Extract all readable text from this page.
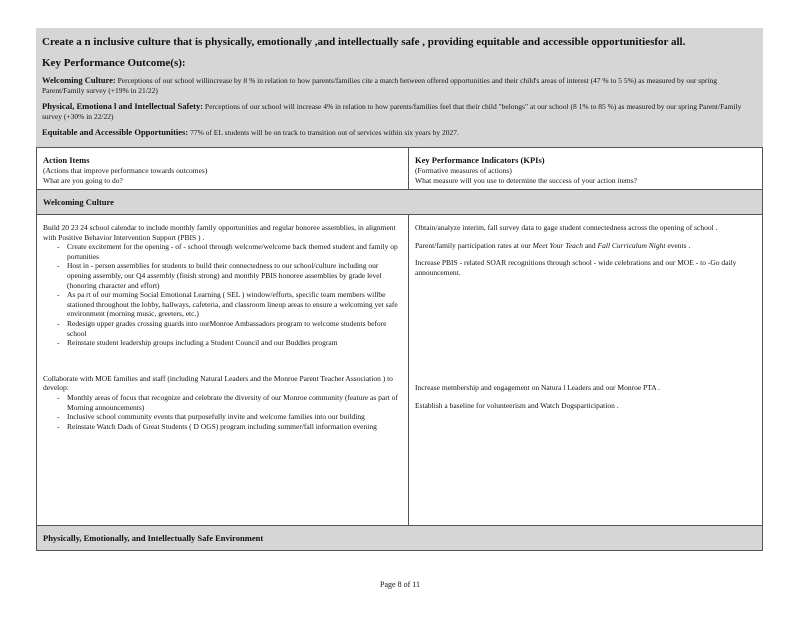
Create a n inclusive culture that is physically, emotionally ,and intellectually safe , providing equitable and accessible opportunitiesfor all.
Key Performance Outcome(s):
Welcoming Culture: Perceptions of our school willincrease by 8 % in relation to how parents/families cite a match between offered opportunities and their child's areas of interest (47 % to 5 5%) as measured by our spring Parent/Family survey (+19% in 21/22)
Physical, Emotiona l and Intellectual Safety: Perceptions of our school will increase 4% in relation to how parents/families feel that their child "belongs" at our school (8 1% to 85 %) as measured by our spring Parent/Family survey (+30% in 22/22)
Equitable and Accessible Opportunities: 77% of EL students will be on track to transition out of services within six years by 2027.
Action Items
(Actions that improve performance towards outcomes)
What are you going to do?
Key Performance Indicators (KPIs)
(Formative measures of actions)
What measure will you use to determine the success of your action items?
Welcoming Culture
Build 20 23 24 school calendar to include monthly family opportunities and regular honoree assemblies, in alignment with Positive Behavior Intervention Support (PBIS ) .
- Create excitement for the opening - of - school through welcome/welcome back themed student and family op portunities
- Host in - person assemblies for students to build their connectedness to our school/culture including our opening assembly, our Q4 assembly (finish strong) and monthly PBIS honoree assemblies by grade level (honoring character and effort)
- As pa rt of our morning Social Emotional Learning ( SEL ) window/efforts, specific team members willbe stationed throughout the lobby, hallways, cafeteria, and classroom lineup areas to ensure a welcoming yet safe environment (morning music, greeters, etc.)
- Redesign upper grades crossing guards into ourMonroe Ambassadors program to welcome students before school
- Reinstate student leadership groups including a Student Council and our Buddies program
Collaborate with MOE families and staff (including Natural Leaders and the Monroe Parent Teacher Association ) to develop:
- Monthly areas of focus that recognize and celebrate the diversity of our Monroe community (feature as part of Morning announcements)
- Inclusive school community events that purposefully invite and welcome families into our building
- Reinstate Watch Dads of Great Students ( D OGS) program including summer/fall information evening
Obtain/analyze interim, fall survey data to gage student connectedness across the opening of school .
Parent/family participation rates at our Meet Your Teach and Fall Curriculum Night events .
Increase PBIS - related SOAR recognitions through school - wide celebrations and our MOE - to -Go daily announcement.
Increase membership and engagement on Natura l Leaders and our Monroe PTA .
Establish a baseline for volunteerism and Watch Dogsparticipation .
Physically, Emotionally, and Intellectually Safe Environment
Page 8 of 11
